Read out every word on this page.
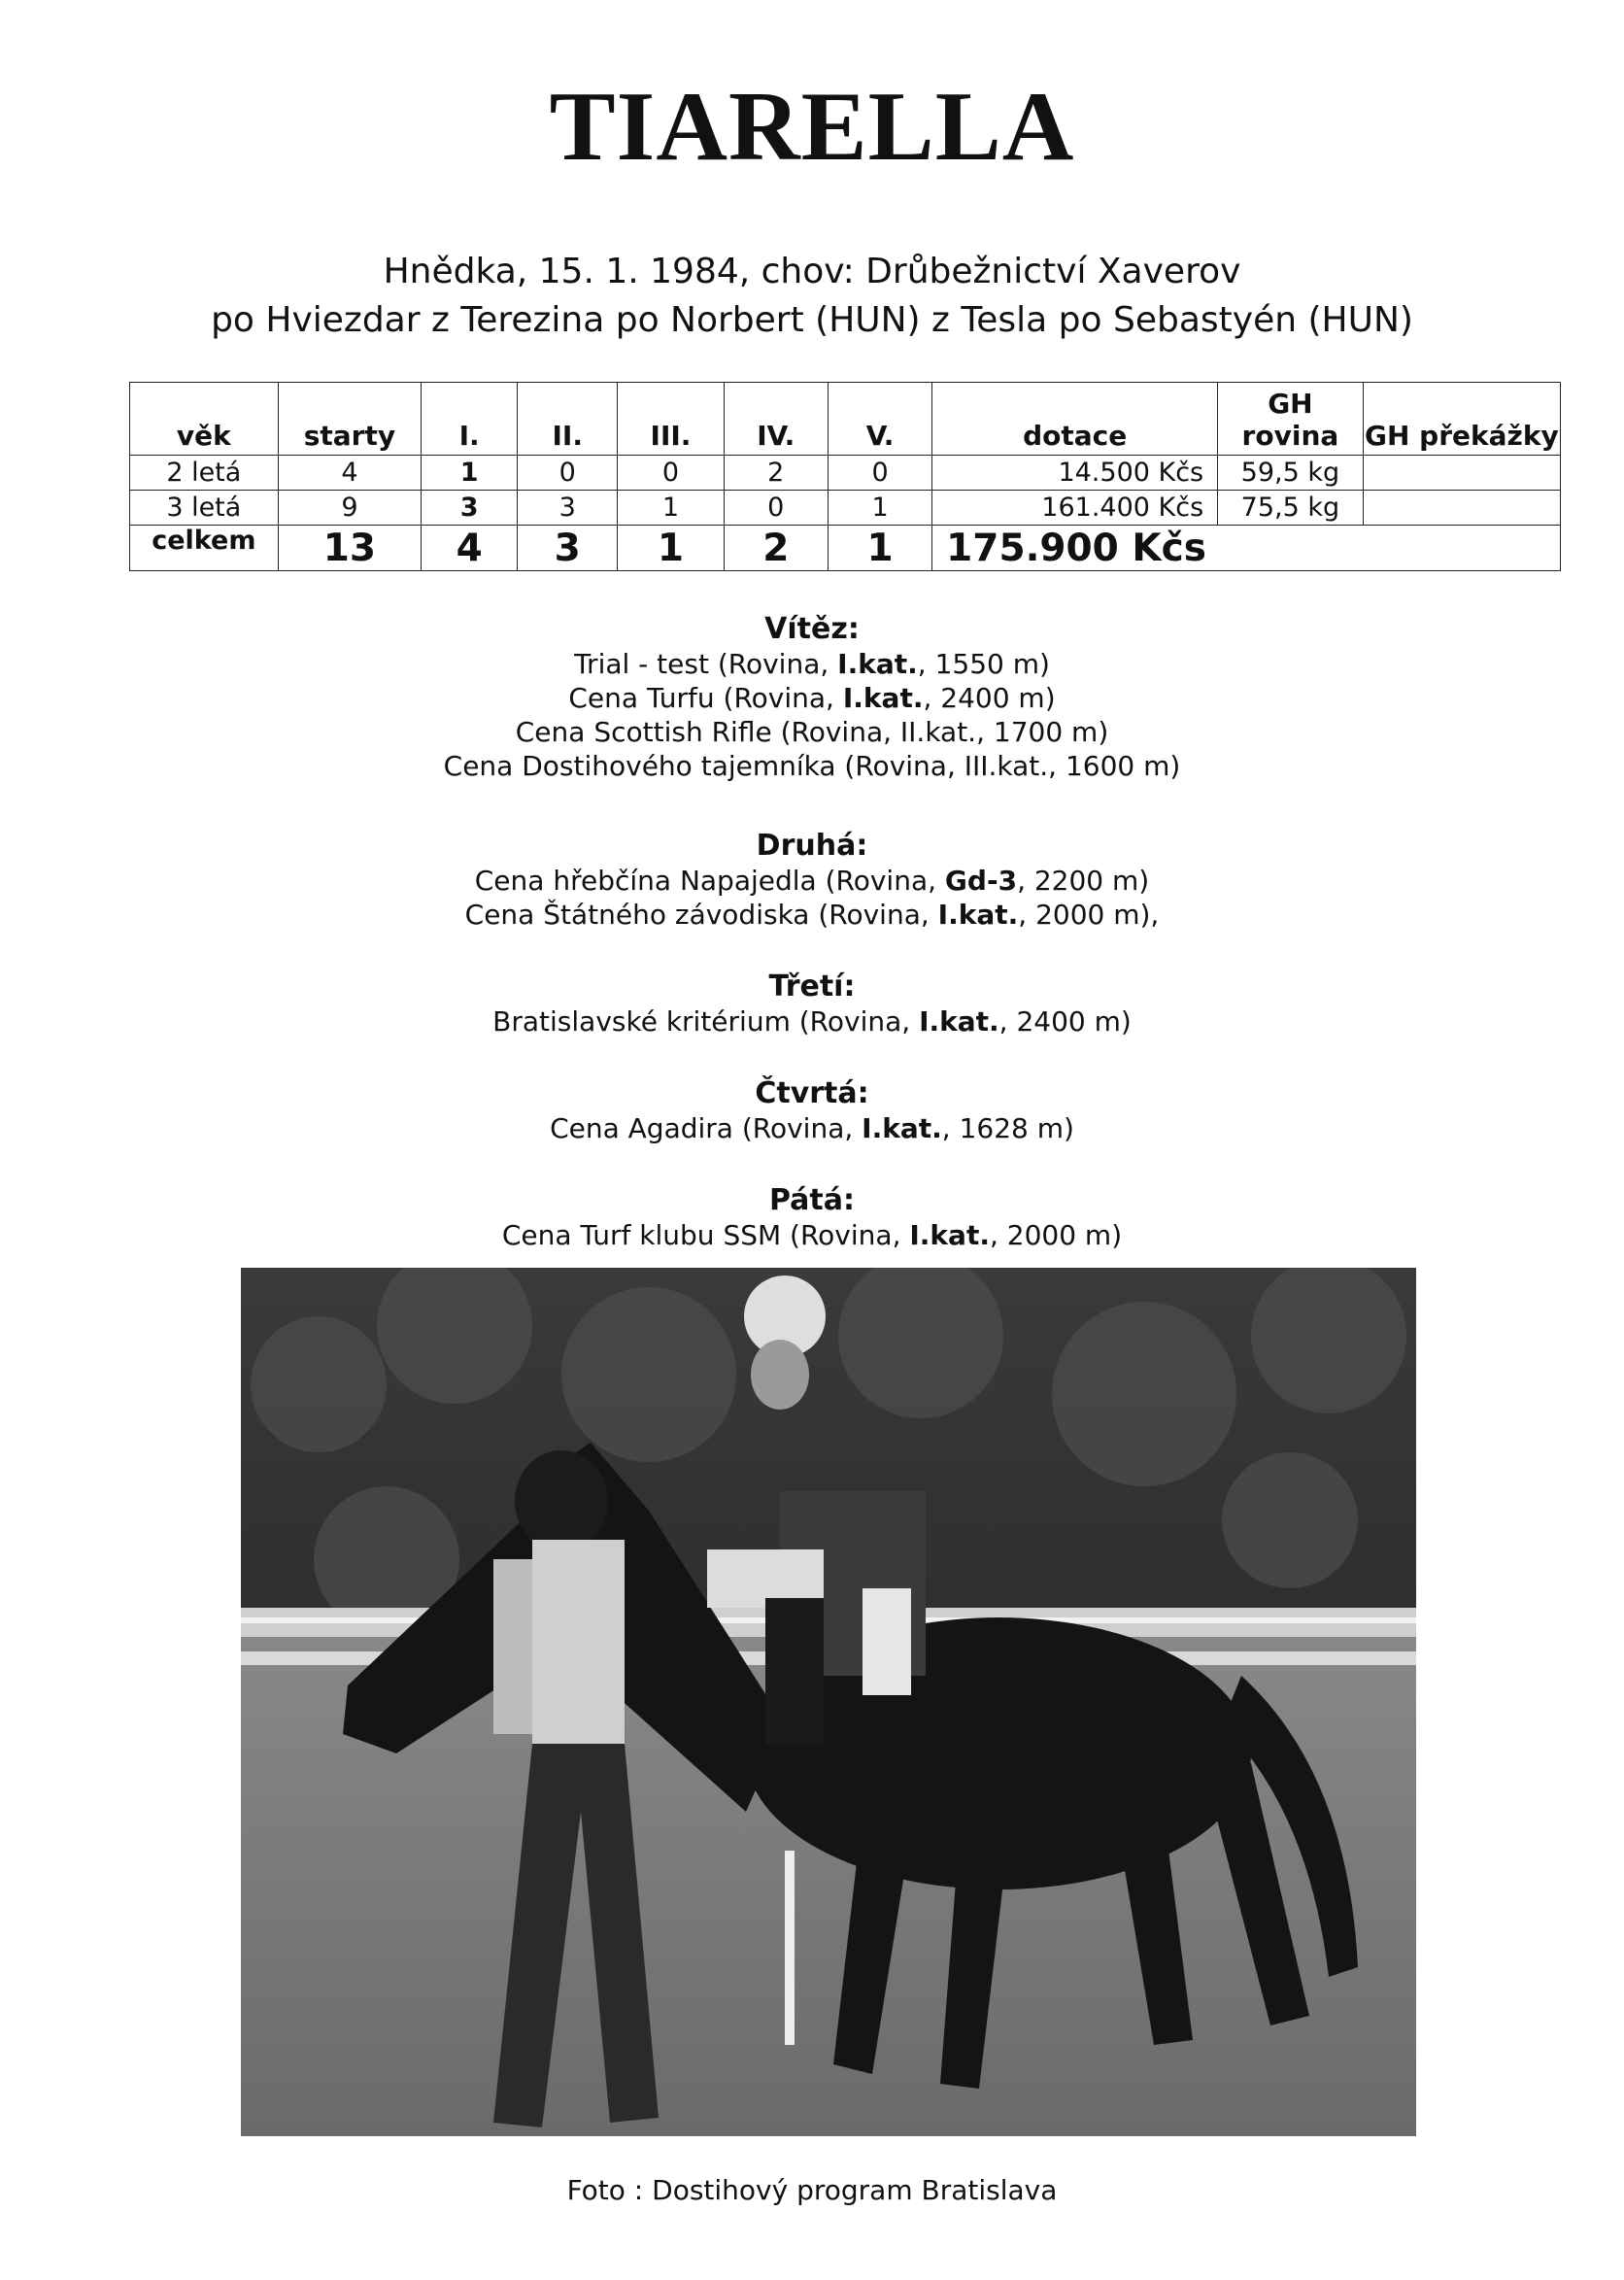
TIARELLA
Hnědka, 15. 1. 1984, chov: Drůbežnictví Xaverov
po Hviezdar z Terezina po Norbert (HUN) z Tesla po Sebastyén (HUN)
věk	starty	I.	II.	III.	IV.	V.	dotace	GH rovina	GH překážky
2 letá	4	1	0	0	2	0	14.500 Kčs	59,5 kg	
3 letá	9	3	3	1	0	1	161.400 Kčs	75,5 kg	
celkem	13	4	3	1	2	1	175.900 Kčs		
Vítěz:
Trial - test (Rovina, I.kat., 1550 m)
Cena Turfu (Rovina, I.kat., 2400 m)
Cena Scottish Rifle (Rovina, II.kat., 1700 m)
Cena Dostihového tajemníka (Rovina, III.kat., 1600 m)
Druhá:
Cena hřebčína Napajedla (Rovina, Gd-3, 2200 m)
Cena Štátného závodiska (Rovina, I.kat., 2000 m),
Třetí:
Bratislavské kritérium (Rovina, I.kat., 2400 m)
Čtvrtá:
Cena Agadira (Rovina, I.kat., 1628 m)
Pátá:
Cena Turf klubu SSM (Rovina, I.kat., 2000 m)
Foto : Dostihový program Bratislava
